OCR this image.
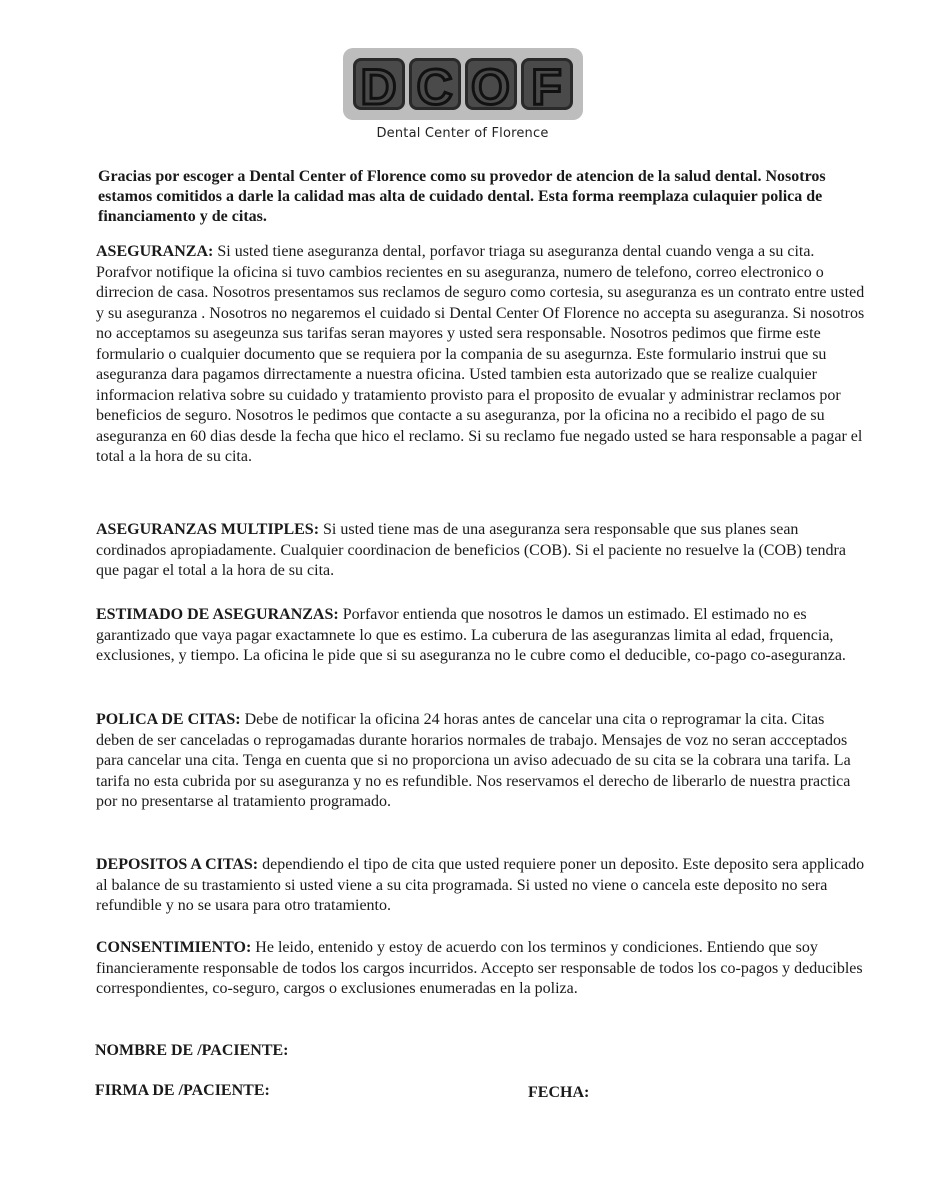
D C O F
Dental Center of Florence
Gracias por escoger a Dental Center of Florence como su provedor de atencion de la salud dental. Nosotros estamos comitidos a darle la calidad mas alta de cuidado dental. Esta forma reemplaza culaquier polica de financiamento y de citas.
ASEGURANZA: Si usted tiene aseguranza dental, porfavor triaga su aseguranza dental cuando venga a su cita. Porafvor notifique la oficina si tuvo cambios recientes en su aseguranza, numero de telefono, correo electronico o dirrecion de casa. Nosotros presentamos sus reclamos de seguro como cortesia, su aseguranza es un contrato entre usted y su aseguranza . Nosotros no negaremos el cuidado si Dental Center Of Florence no accepta su aseguranza. Si nosotros no acceptamos su asegeunza sus tarifas seran mayores y usted sera responsable. Nosotros pedimos que firme este formulario o cualquier documento que se requiera por la compania de su asegurnza. Este formulario instrui que su aseguranza dara pagamos dirrectamente a nuestra oficina. Usted tambien esta autorizado que se realize cualquier informacion relativa sobre su cuidado y tratamiento provisto para el proposito de evualar y administrar reclamos por beneficios de seguro. Nosotros le pedimos que contacte a su aseguranza, por la oficina no a recibido el pago de su aseguranza en 60 dias desde la fecha que hico el reclamo. Si su reclamo fue negado usted se hara responsable a pagar el total a la hora de su cita.
ASEGURANZAS MULTIPLES: Si usted tiene mas de una aseguranza sera responsable que sus planes sean cordinados apropiadamente. Cualquier coordinacion de beneficios (COB). Si el paciente no resuelve la (COB) tendra que pagar el total a la hora de su cita.
ESTIMADO DE ASEGURANZAS: Porfavor entienda que nosotros le damos un estimado. El estimado no es garantizado que vaya pagar exactamnete lo que es estimo. La cuberura de las aseguranzas limita al edad, frquencia, exclusiones, y tiempo. La oficina le pide que si su aseguranza no le cubre como el deducible, co-pago co-aseguranza.
POLICA DE CITAS: Debe de notificar la oficina 24 horas antes de cancelar una cita o reprogramar la cita. Citas deben de ser canceladas o reprogamadas durante horarios normales de trabajo. Mensajes de voz no seran accceptados para cancelar una cita. Tenga en cuenta que si no proporciona un aviso adecuado de su cita se la cobrara una tarifa. La tarifa no esta cubrida por su aseguranza y no es refundible. Nos reservamos el derecho de liberarlo de nuestra practica por no presentarse al tratamiento programado.
DEPOSITOS A CITAS: dependiendo el tipo de cita que usted requiere poner un deposito. Este deposito sera applicado al balance de su trastamiento si usted viene a su cita programada. Si usted no viene o cancela este deposito no sera refundible y no se usara para otro tratamiento.
CONSENTIMIENTO: He leido, entenido y estoy de acuerdo con los terminos y condiciones. Entiendo que soy financieramente responsable de todos los cargos incurridos. Accepto ser responsable de todos los co-pagos y deducibles correspondientes, co-seguro, cargos o exclusiones enumeradas en la poliza.
NOMBRE DE /PACIENTE:
FIRMA DE /PACIENTE:	FECHA:
